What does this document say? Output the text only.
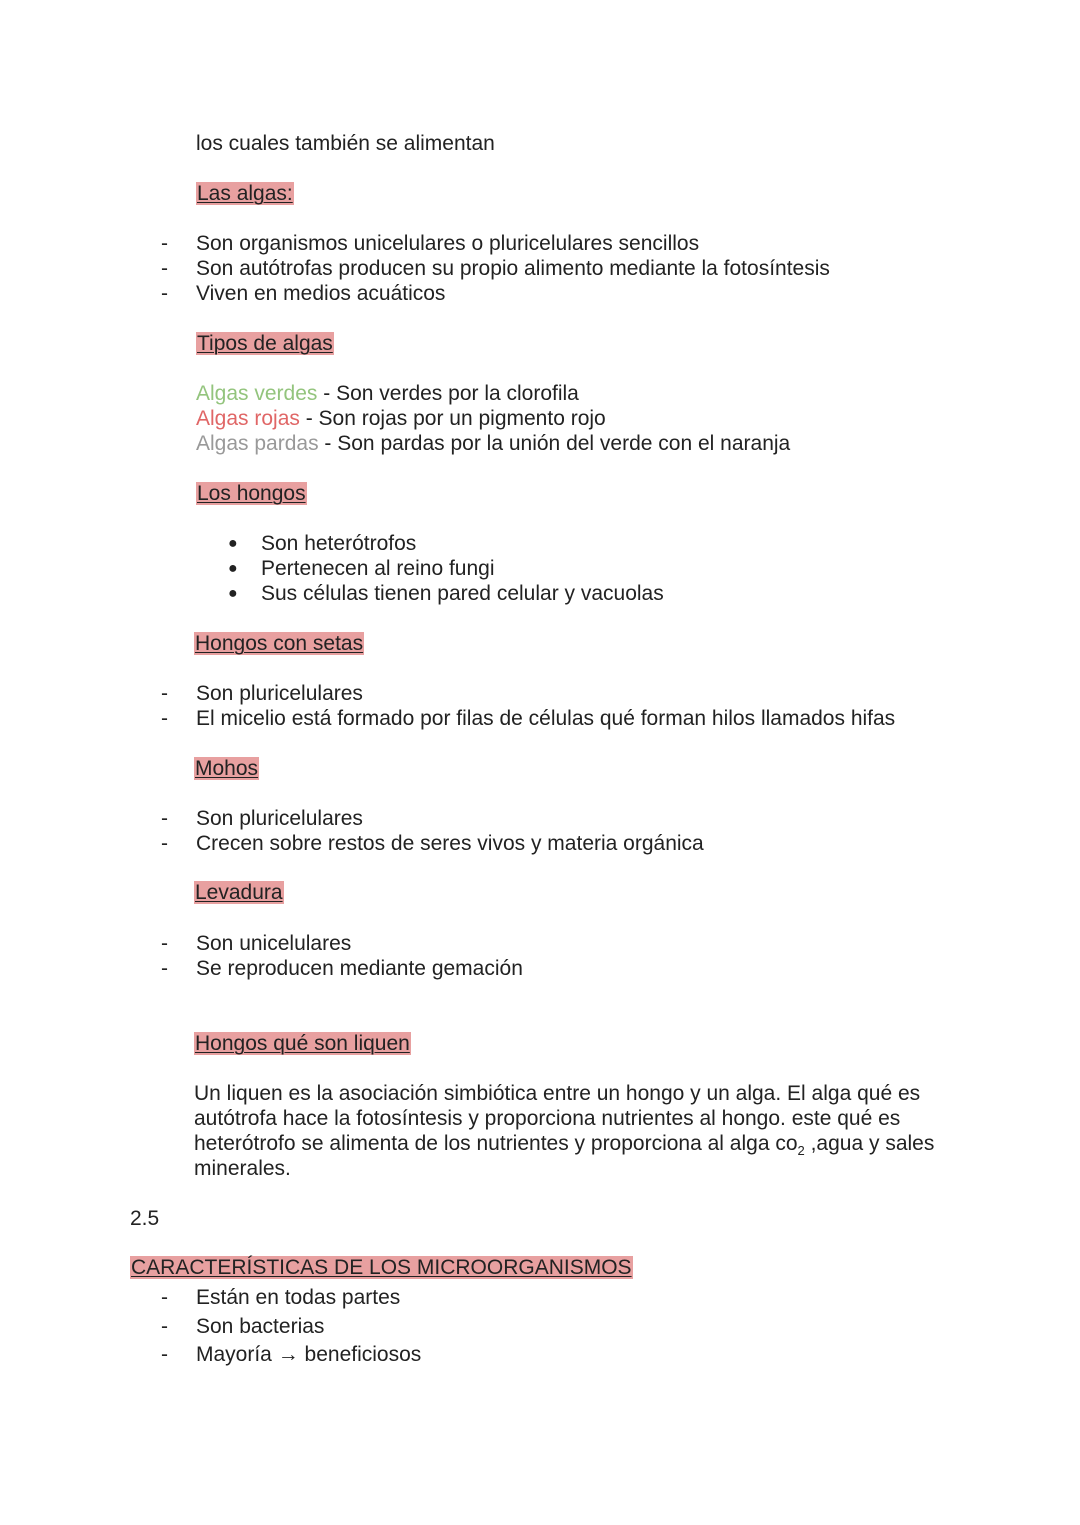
los cuales también se alimentan
Las algas:
- Son organismos unicelulares o pluricelulares sencillos
- Son autótrofas producen su propio alimento mediante la fotosíntesis
- Viven en medios acuáticos
Tipos de algas
Algas verdes - Son verdes por la clorofila
Algas rojas - Son rojas por un pigmento rojo
Algas pardas - Son pardas por la unión del verde con el naranja
Los hongos
● Son heterótrofos
● Pertenecen al reino fungi
● Sus células tienen pared celular y vacuolas
Hongos con setas
- Son pluricelulares
- El micelio está formado por filas de células qué forman hilos llamados hifas
Mohos
- Son pluricelulares
- Crecen sobre restos de seres vivos y materia orgánica
Levadura
- Son unicelulares
- Se reproducen mediante gemación
Hongos qué son liquen
Un liquen es la asociación simbiótica entre un hongo y un alga. El alga qué es autótrofa hace la fotosíntesis y proporciona nutrientes al hongo. este qué es heterótrofo se alimenta de los nutrientes y proporciona al alga $co_2$ ,agua y sales minerales.
2.5
CARACTERÍSTICAS DE LOS MICROORGANISMOS
- Están en todas partes
- Son bacterias
- Mayoría → beneficiosos
